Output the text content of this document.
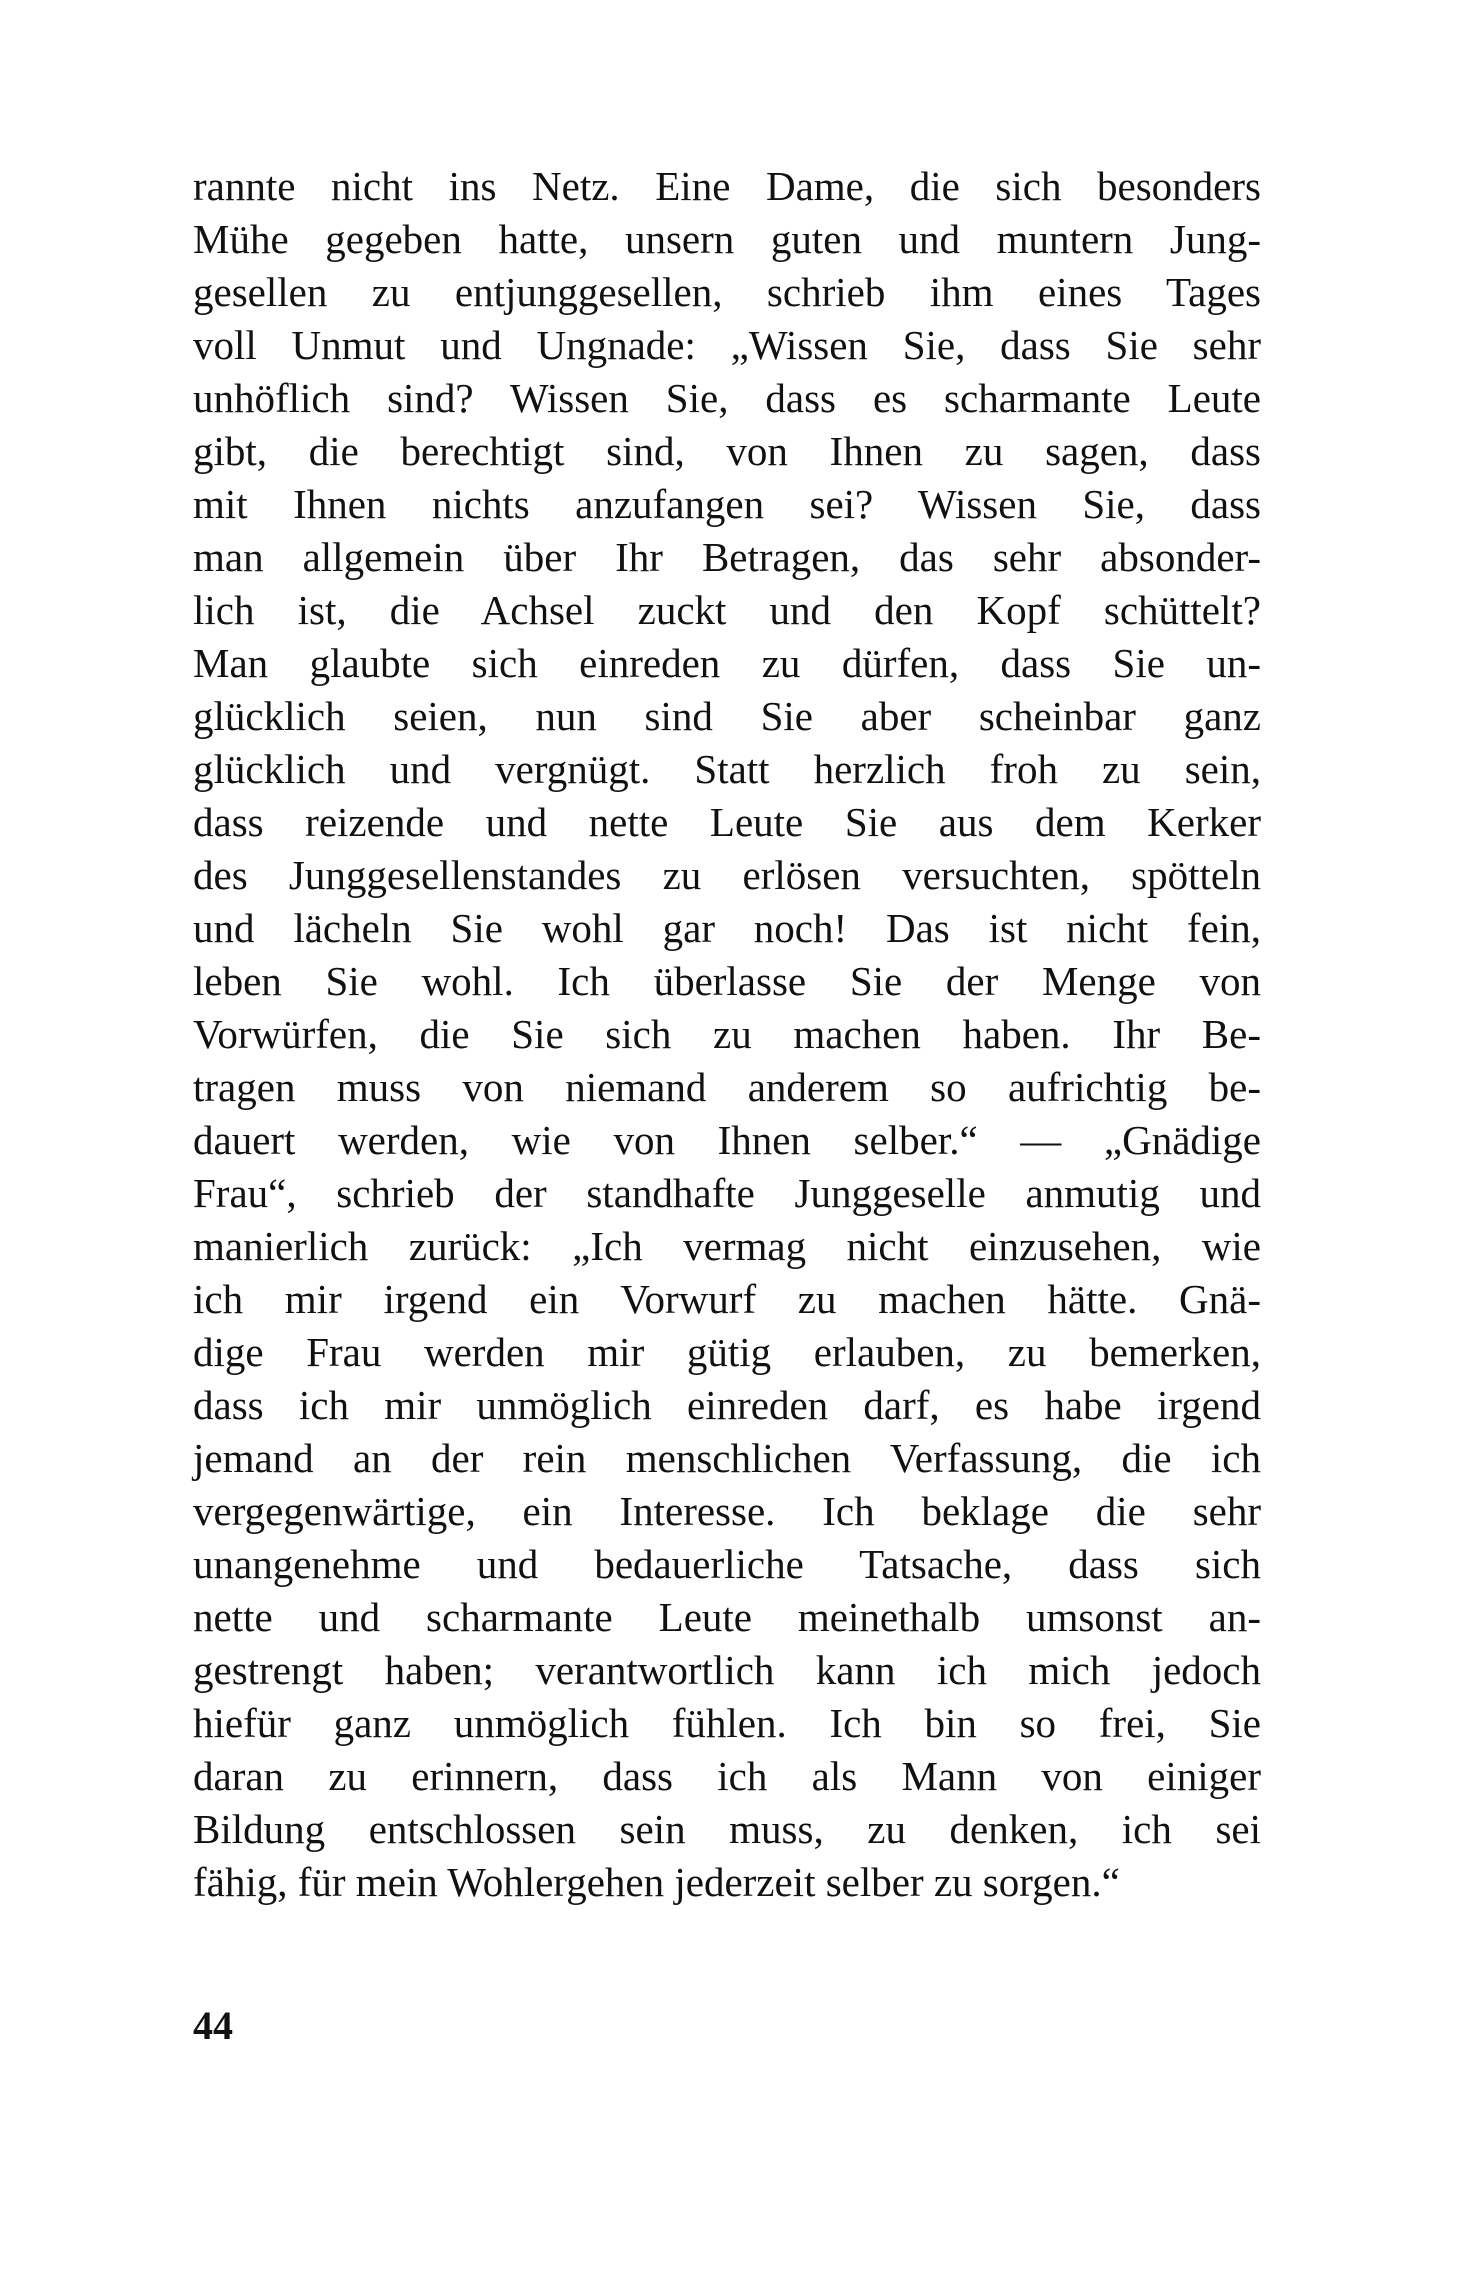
rannte nicht ins Netz. Eine Dame, die sich besonders
Mühe gegeben hatte, unsern guten und muntern Jung-
gesellen zu entjunggesellen, schrieb ihm eines Tages
voll Unmut und Ungnade: „Wissen Sie, dass Sie sehr
unhöflich sind? Wissen Sie, dass es scharmante Leute
gibt, die berechtigt sind, von Ihnen zu sagen, dass
mit Ihnen nichts anzufangen sei? Wissen Sie, dass
man allgemein über Ihr Betragen, das sehr absonder-
lich ist, die Achsel zuckt und den Kopf schüttelt?
Man glaubte sich einreden zu dürfen, dass Sie un-
glücklich seien, nun sind Sie aber scheinbar ganz
glücklich und vergnügt. Statt herzlich froh zu sein,
dass reizende und nette Leute Sie aus dem Kerker
des Junggesellenstandes zu erlösen versuchten, spötteln
und lächeln Sie wohl gar noch! Das ist nicht fein,
leben Sie wohl. Ich überlasse Sie der Menge von
Vorwürfen, die Sie sich zu machen haben. Ihr Be-
tragen muss von niemand anderem so aufrichtig be-
dauert werden, wie von Ihnen selber.“ — „Gnädige
Frau“, schrieb der standhafte Junggeselle anmutig und
manierlich zurück: „Ich vermag nicht einzusehen, wie
ich mir irgend ein Vorwurf zu machen hätte. Gnä-
dige Frau werden mir gütig erlauben, zu bemerken,
dass ich mir unmöglich einreden darf, es habe irgend
jemand an der rein menschlichen Verfassung, die ich
vergegenwärtige, ein Interesse. Ich beklage die sehr
unangenehme und bedauerliche Tatsache, dass sich
nette und scharmante Leute meinethalb umsonst an-
gestrengt haben; verantwortlich kann ich mich jedoch
hiefür ganz unmöglich fühlen. Ich bin so frei, Sie
daran zu erinnern, dass ich als Mann von einiger
Bildung entschlossen sein muss, zu denken, ich sei
fähig, für mein Wohlergehen jederzeit selber zu sorgen.“
44
